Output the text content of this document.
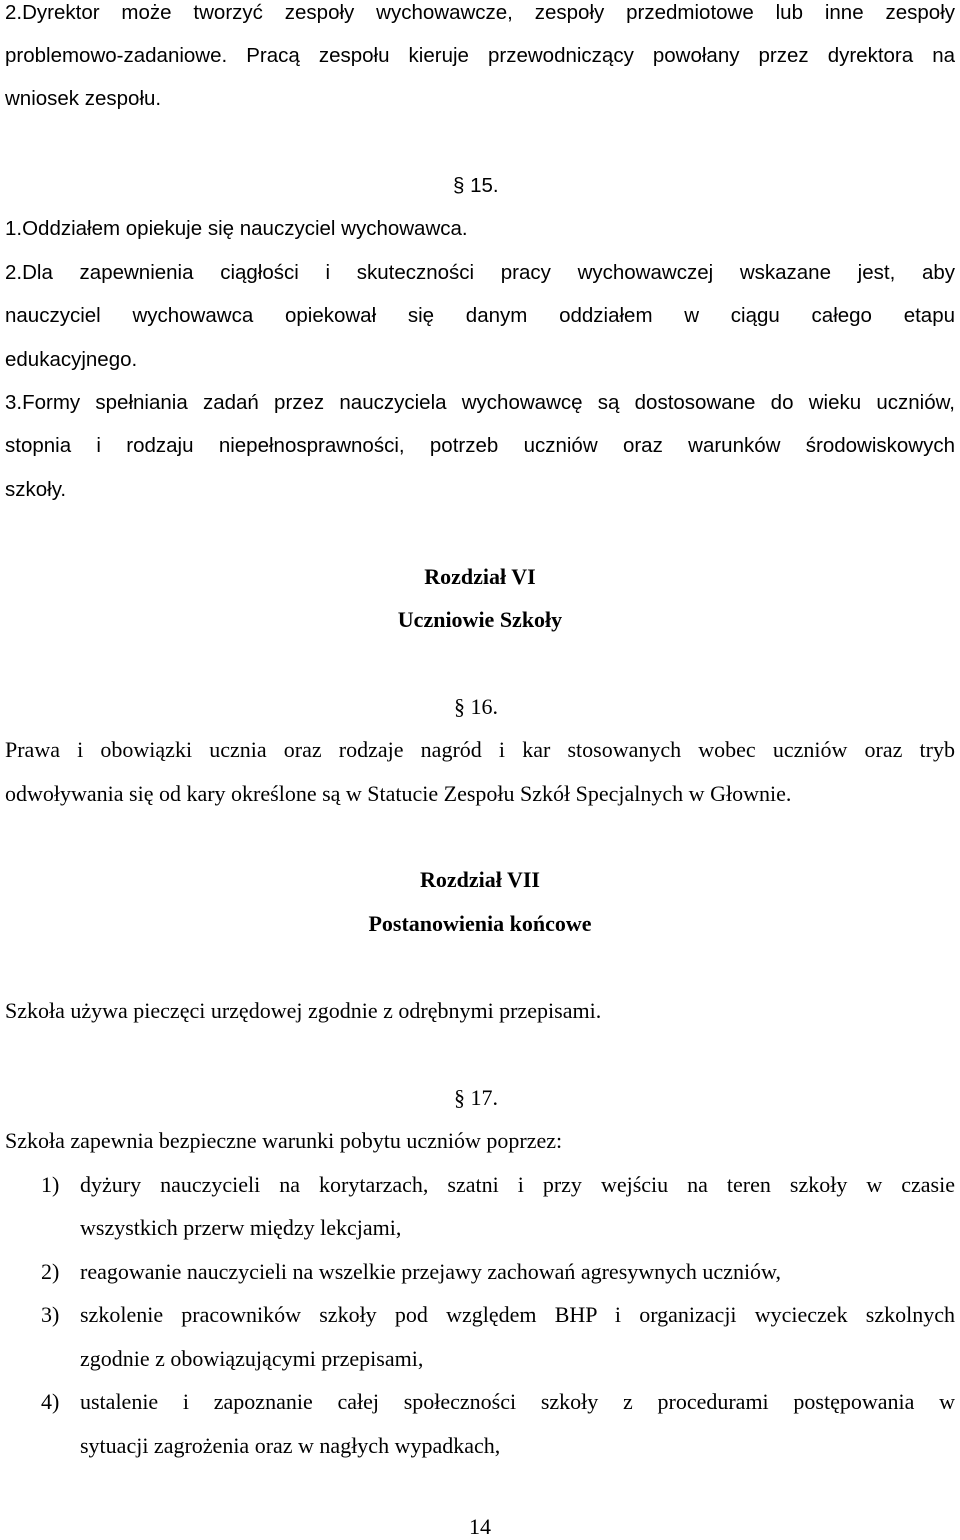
2.Dyrektor może tworzyć zespoły wychowawcze, zespoły przedmiotowe lub inne zespoły
problemowo-zadaniowe. Pracą zespołu kieruje przewodniczący powołany przez dyrektora na
wniosek zespołu.
§ 15.
1.Oddziałem opiekuje się nauczyciel wychowawca.
2.Dla zapewnienia ciągłości i skuteczności pracy wychowawczej wskazane jest, aby
nauczyciel wychowawca opiekował się danym oddziałem w ciągu całego etapu
edukacyjnego.
3.Formy spełniania zadań przez nauczyciela wychowawcę są dostosowane do wieku uczniów,
stopnia i rodzaju niepełnosprawności, potrzeb uczniów oraz warunków środowiskowych
szkoły.
Rozdział VI
Uczniowie Szkoły
§ 16.
Prawa i obowiązki ucznia oraz rodzaje nagród i kar stosowanych wobec uczniów oraz tryb
odwoływania się od kary określone są w Statucie Zespołu Szkół Specjalnych w Głownie.
Rozdział VII
Postanowienia końcowe
Szkoła używa pieczęci urzędowej zgodnie z odrębnymi przepisami.
§ 17.
Szkoła zapewnia bezpieczne warunki pobytu uczniów poprzez:
1) dyżury nauczycieli na korytarzach, szatni i przy wejściu na teren szkoły w czasie
wszystkich przerw między lekcjami,
2) reagowanie nauczycieli na wszelkie przejawy zachowań agresywnych uczniów,
3) szkolenie pracowników szkoły pod względem BHP i organizacji wycieczek szkolnych
zgodnie z obowiązującymi przepisami,
4) ustalenie i zapoznanie całej społeczności szkoły z procedurami postępowania w
sytuacji zagrożenia oraz w nagłych wypadkach,
14
